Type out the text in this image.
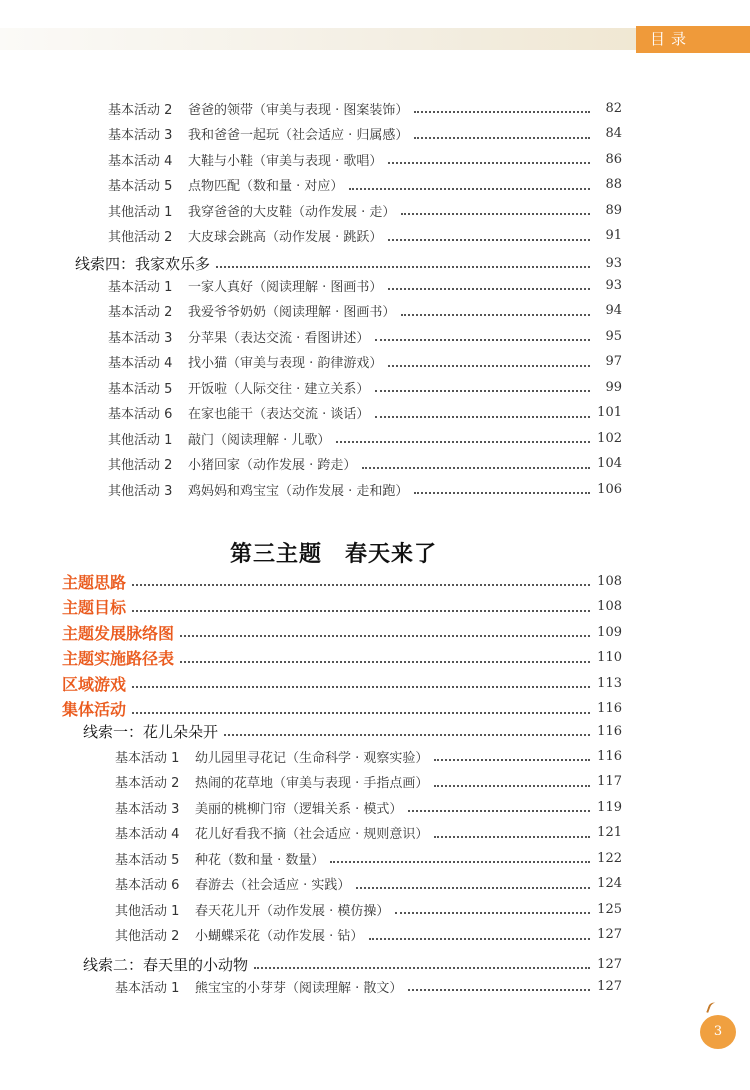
目录
基本活动 2 爸爸的领带（审美与表现 · 图案装饰）	82
基本活动 3 我和爸爸一起玩（社会适应 · 归属感）	84
基本活动 4 大鞋与小鞋（审美与表现 · 歌唱）	86
基本活动 5 点物匹配（数和量 · 对应）	88
其他活动 1 我穿爸爸的大皮鞋（动作发展 · 走）	89
其他活动 2 大皮球会跳高（动作发展 · 跳跃）	91
线索四：我家欢乐多	93
基本活动 1 一家人真好（阅读理解 · 图画书）	93
基本活动 2 我爱爷爷奶奶（阅读理解 · 图画书）	94
基本活动 3 分苹果（表达交流 · 看图讲述）	95
基本活动 4 找小猫（审美与表现 · 韵律游戏）	97
基本活动 5 开饭啦（人际交往 · 建立关系）	99
基本活动 6 在家也能干（表达交流 · 谈话）	101
其他活动 1 敲门（阅读理解 · 儿歌）	102
其他活动 2 小猪回家（动作发展 · 跨走）	104
其他活动 3 鸡妈妈和鸡宝宝（动作发展 · 走和跑）	106
主题思路	108
主题目标	108
主题发展脉络图	109
主题实施路径表	110
区域游戏	113
集体活动	116
线索一：花儿朵朵开	116
基本活动 1 幼儿园里寻花记（生命科学 · 观察实验）	116
基本活动 2 热闹的花草地（审美与表现 · 手指点画）	117
基本活动 3 美丽的桃柳门帘（逻辑关系 · 模式）	119
基本活动 4 花儿好看我不摘（社会适应 · 规则意识）	121
基本活动 5 种花（数和量 · 数量）	122
基本活动 6 春游去（社会适应 · 实践）	124
其他活动 1 春天花儿开（动作发展 · 模仿操）	125
其他活动 2 小蝴蝶采花（动作发展 · 钻）	127
线索二：春天里的小动物	127
基本活动 1 熊宝宝的小芽芽（阅读理解 · 散文）	127
第三主题　春天来了
3
